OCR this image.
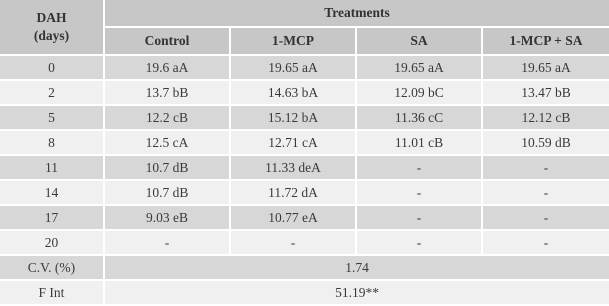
DAH
(days)	Treatments			
	Control	1-MCP	SA	1-MCP + SA
0	19.6 aA	19.65 aA	19.65 aA	19.65 aA
2	13.7 bB	14.63 bA	12.09 bC	13.47 bB
5	12.2 cB	15.12 bA	11.36 cC	12.12 cB
8	12.5 cA	12.71 cA	11.01 cB	10.59 dB
11	10.7 dB	11.33 deA	-	-
14	10.7 dB	11.72 dA	-	-
17	9.03 eB	10.77 eA	-	-
20	-	-	-	-
C.V. (%)	1.74			
F Int	51.19**			
